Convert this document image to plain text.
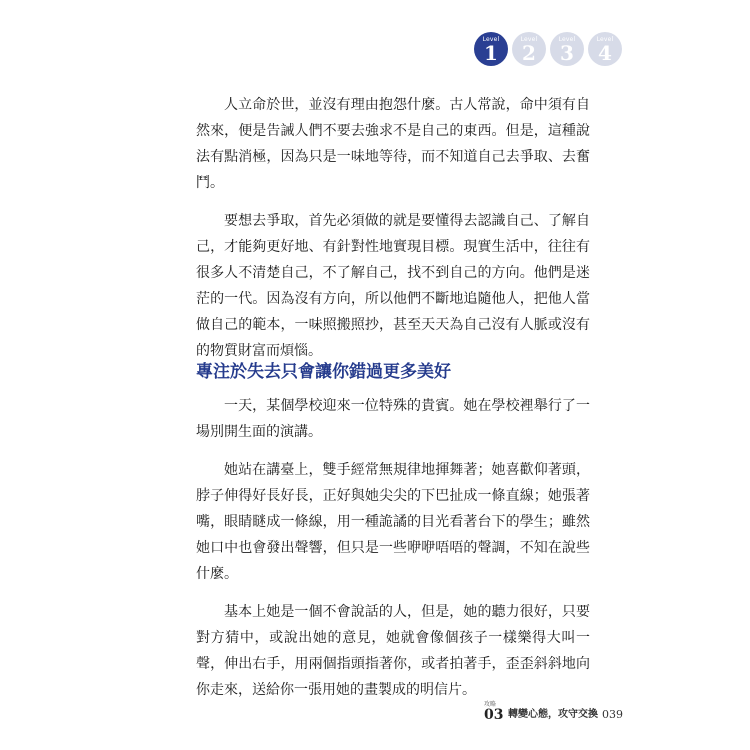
Level
1
Level
2
Level
3
Level
4

人立命於世，並沒有理由抱怨什麼。古人常說，命中須有自然來，便是告誡人們不要去強求不是自己的東西。但是，這種說法有點消極，因為只是一味地等待，而不知道自己去爭取、去奮鬥。

要想去爭取，首先必須做的就是要懂得去認識自己、了解自己，才能夠更好地、有針對性地實現目標。現實生活中，往往有很多人不清楚自己，不了解自己，找不到自己的方向。他們是迷茫的一代。因為沒有方向，所以他們不斷地追隨他人，把他人當做自己的範本，一味照搬照抄，甚至天天為自己沒有人脈或沒有的物質財富而煩惱。

專注於失去只會讓你錯過更多美好

一天，某個學校迎來一位特殊的貴賓。她在學校裡舉行了一場別開生面的演講。

她站在講臺上，雙手經常無規律地揮舞著；她喜歡仰著頭，脖子伸得好長好長，正好與她尖尖的下巴扯成一條直線；她張著嘴，眼睛瞇成一條線，用一種詭譎的目光看著台下的學生；雖然她口中也會發出聲響，但只是一些咿咿唔唔的聲調，不知在說些什麼。

基本上她是一個不會說話的人，但是，她的聽力很好，只要對方猜中，或說出她的意見，她就會像個孩子一樣樂得大叫一聲，伸出右手，用兩個指頭指著你，或者拍著手，歪歪斜斜地向你走來，送給你一張用她的畫製成的明信片。

攻略
03 轉變心態，攻守交換 039
